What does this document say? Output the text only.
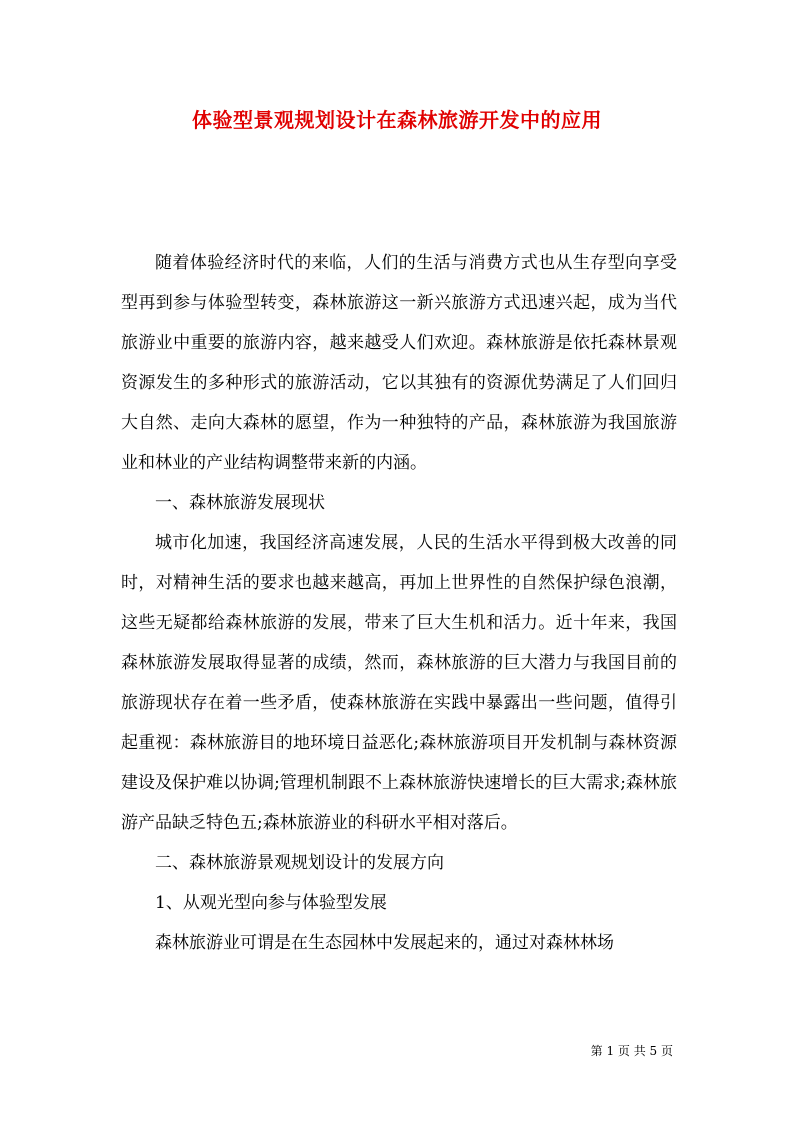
体验型景观规划设计在森林旅游开发中的应用

随着体验经济时代的来临，人们的生活与消费方式也从生存型向享受型再到参与体验型转变，森林旅游这一新兴旅游方式迅速兴起，成为当代旅游业中重要的旅游内容，越来越受人们欢迎。森林旅游是依托森林景观资源发生的多种形式的旅游活动，它以其独有的资源优势满足了人们回归大自然、走向大森林的愿望，作为一种独特的产品，森林旅游为我国旅游业和林业的产业结构调整带来新的内涵。

一、森林旅游发展现状

城市化加速，我国经济高速发展，人民的生活水平得到极大改善的同时，对精神生活的要求也越来越高，再加上世界性的自然保护绿色浪潮，这些无疑都给森林旅游的发展，带来了巨大生机和活力。近十年来，我国森林旅游发展取得显著的成绩，然而，森林旅游的巨大潜力与我国目前的旅游现状存在着一些矛盾，使森林旅游在实践中暴露出一些问题，值得引起重视：森林旅游目的地环境日益恶化;森林旅游项目开发机制与森林资源建设及保护难以协调;管理机制跟不上森林旅游快速增长的巨大需求;森林旅游产品缺乏特色五;森林旅游业的科研水平相对落后。

二、森林旅游景观规划设计的发展方向

1、从观光型向参与体验型发展

森林旅游业可谓是在生态园林中发展起来的，通过对森林林场

第 1 页 共 5 页
